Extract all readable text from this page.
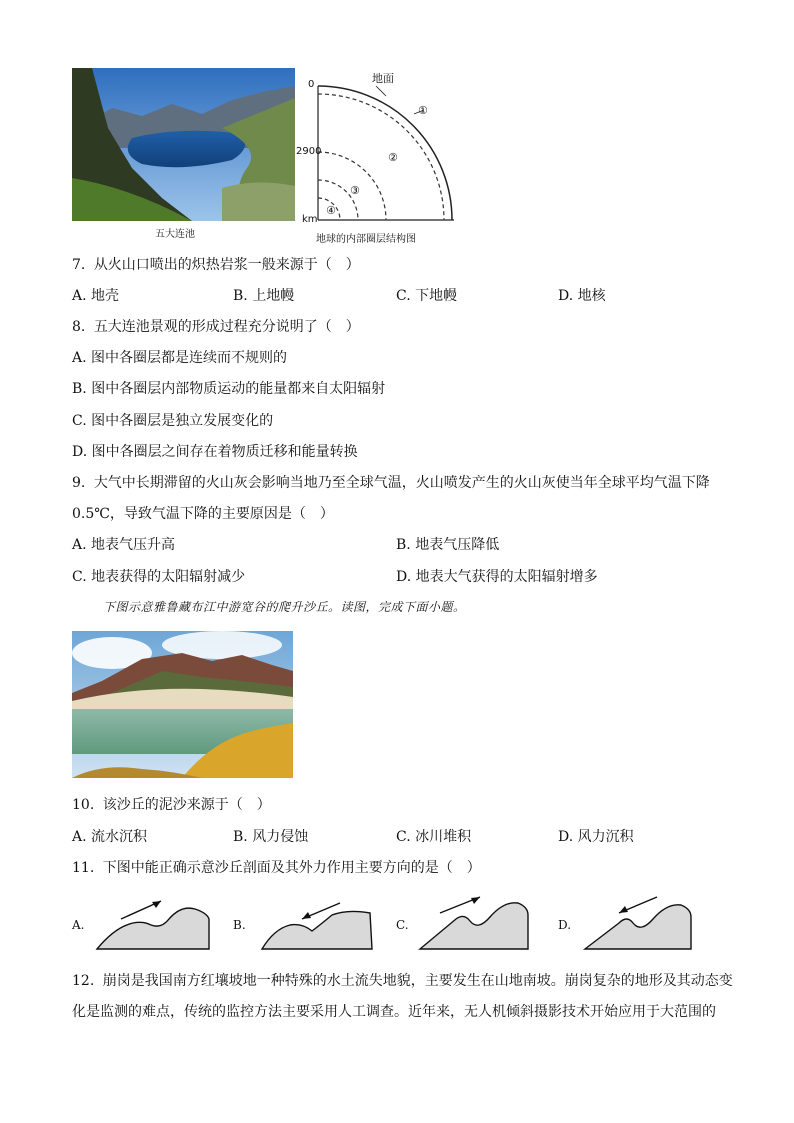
五大连池
地面
0
2900
km
①
②
③
④
地球的内部圈层结构图
7. 从火山口喷出的炽热岩浆一般来源于（　）
A. 地壳	B. 上地幔	C. 下地幔	D. 地核
8. 五大连池景观的形成过程充分说明了（　）
A. 图中各圈层都是连续而不规则的
B. 图中各圈层内部物质运动的能量都来自太阳辐射
C. 图中各圈层是独立发展变化的
D. 图中各圈层之间存在着物质迁移和能量转换
9. 大气中长期滞留的火山灰会影响当地乃至全球气温，火山喷发产生的火山灰使当年全球平均气温下降
0.5℃，导致气温下降的主要原因是（　）
A. 地表气压升高	B. 地表气压降低
C. 地表获得的太阳辐射减少	D. 地表大气获得的太阳辐射增多
下图示意雅鲁藏布江中游宽谷的爬升沙丘。读图，完成下面小题。
10. 该沙丘的泥沙来源于（　）
A. 流水沉积	B. 风力侵蚀	C. 冰川堆积	D. 风力沉积
11. 下图中能正确示意沙丘剖面及其外力作用主要方向的是（　）
A.	B.	C.	D.
12. 崩岗是我国南方红壤坡地一种特殊的水土流失地貌，主要发生在山地南坡。崩岗复杂的地形及其动态变
化是监测的难点，传统的监控方法主要采用人工调查。近年来，无人机倾斜摄影技术开始应用于大范围的
